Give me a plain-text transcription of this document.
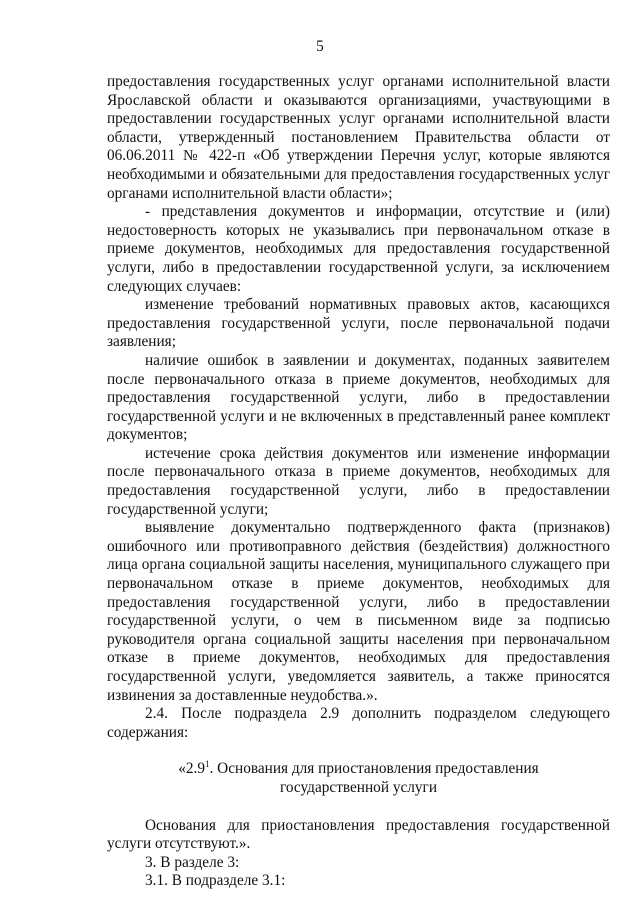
5

предоставления государственных услуг органами исполнительной власти Ярославской области и оказываются организациями, участвующими в предоставлении государственных услуг органами исполнительной власти области, утвержденный постановлением Правительства области от 06.06.2011 № 422-п «Об утверждении Перечня услуг, которые являются необходимыми и обязательными для предоставления государственных услуг органами исполнительной власти области»;

- представления документов и информации, отсутствие и (или) недостоверность которых не указывались при первоначальном отказе в приеме документов, необходимых для предоставления государственной услуги, либо в предоставлении государственной услуги, за исключением следующих случаев:

изменение требований нормативных правовых актов, касающихся предоставления государственной услуги, после первоначальной подачи заявления;

наличие ошибок в заявлении и документах, поданных заявителем после первоначального отказа в приеме документов, необходимых для предоставления государственной услуги, либо в предоставлении государственной услуги и не включенных в представленный ранее комплект документов;

истечение срока действия документов или изменение информации после первоначального отказа в приеме документов, необходимых для предоставления государственной услуги, либо в предоставлении государственной услуги;

выявление документально подтвержденного факта (признаков) ошибочного или противоправного действия (бездействия) должностного лица органа социальной защиты населения, муниципального служащего при первоначальном отказе в приеме документов, необходимых для предоставления государственной услуги, либо в предоставлении государственной услуги, о чем в письменном виде за подписью руководителя органа социальной защиты населения при первоначальном отказе в приеме документов, необходимых для предоставления государственной услуги, уведомляется заявитель, а также приносятся извинения за доставленные неудобства.».

2.4. После подраздела 2.9 дополнить подразделом следующего содержания:

«$2.9^1$. Основания для приостановления предоставления
государственной услуги

Основания для приостановления предоставления государственной услуги отсутствуют.».

3. В разделе 3:

3.1. В подразделе 3.1:
